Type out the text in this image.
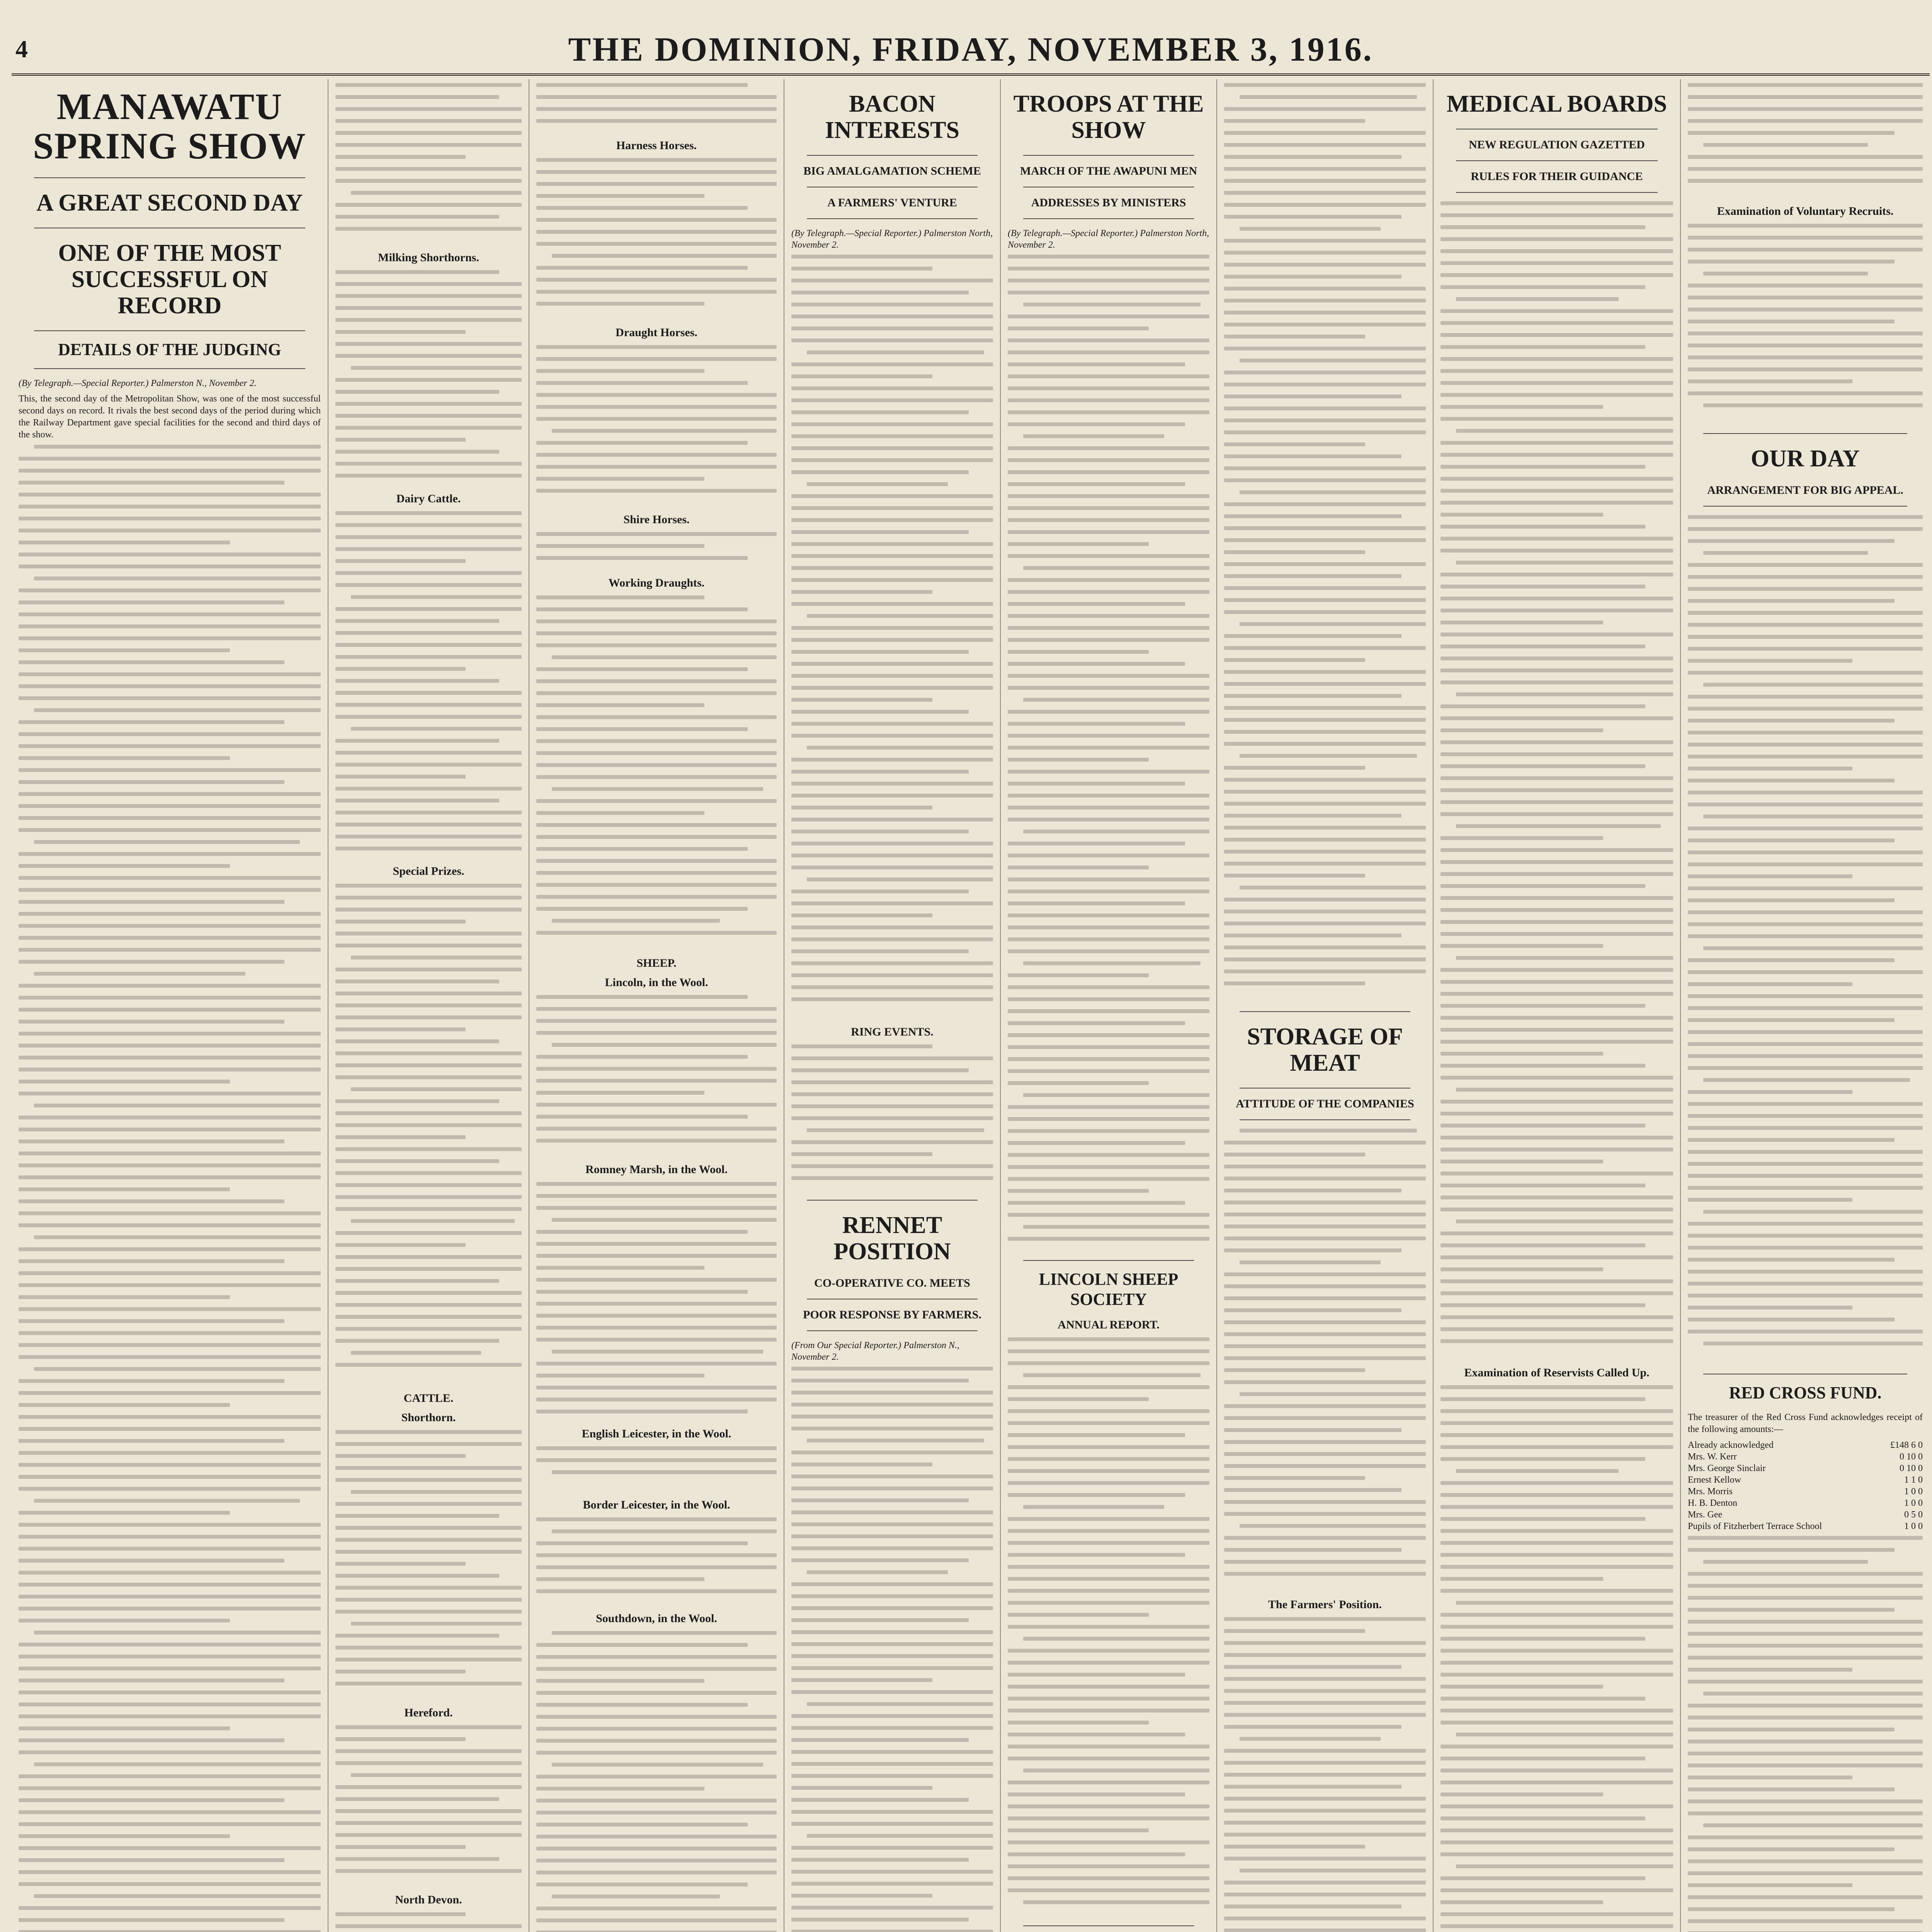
4	THE DOMINION, FRIDAY, NOVEMBER 3, 1916.
MANAWATU SPRING SHOW
A GREAT SECOND DAY
ONE OF THE MOST SUCCESSFUL ON RECORD
DETAILS OF THE JUDGING
(By Telegraph.—Special Reporter.) Palmerston N., November 2.

This, the second day of the Metropolitan Show, was one of the most successful second days on record. It rivals the best second days of the period during which the Railway Department gave special facilities for the second and third days of the show.

Milking Shorthorns.
Dairy Cattle.
Special Prizes.
CATTLE.
Shorthorn.
Hereford.
North Devon.
Harness Horses.
Draught Horses.
Shire Horses.
Working Draughts.
SHEEP.
Lincoln, in the Wool.
Romney Marsh, in the Wool.
English Leicester, in the Wool.
Border Leicester, in the Wool.
Southdown, in the Wool.
BACON INTERESTS
BIG AMALGAMATION SCHEME
A FARMERS' VENTURE
(By Telegraph.—Special Reporter.) Palmerston North, November 2.
RING EVENTS.
RENNET POSITION
CO-OPERATIVE CO. MEETS
POOR RESPONSE BY FARMERS.
(From Our Special Reporter.) Palmerston N., November 2.
TROOPS AT THE SHOW
MARCH OF THE AWAPUNI MEN
ADDRESSES BY MINISTERS
(By Telegraph.—Special Reporter.) Palmerston North, November 2.
LINCOLN SHEEP SOCIETY
ANNUAL REPORT.
STORAGE OF MEAT
ATTITUDE OF THE COMPANIES
The Farmers' Position.
MEDICAL BOARDS
NEW REGULATION GAZETTED
RULES FOR THEIR GUIDANCE
Examination of Reservists Called Up.
Examination of Voluntary Recruits.
OUR DAY
ARRANGEMENT FOR BIG APPEAL.
RED CROSS FUND.

The treasurer of the Red Cross Fund acknowledges receipt of the following amounts:—

Already acknowledged	£148 6 0
Mrs. W. Kerr	0 10 0
Mrs. George Sinclair	0 10 0
Ernest Kellow	1 1 0
Mrs. Morris	1 0 0
H. B. Denton	1 0 0
Mrs. Gee	0 5 0
Pupils of Fitzherbert Terrace School	1 0 0
